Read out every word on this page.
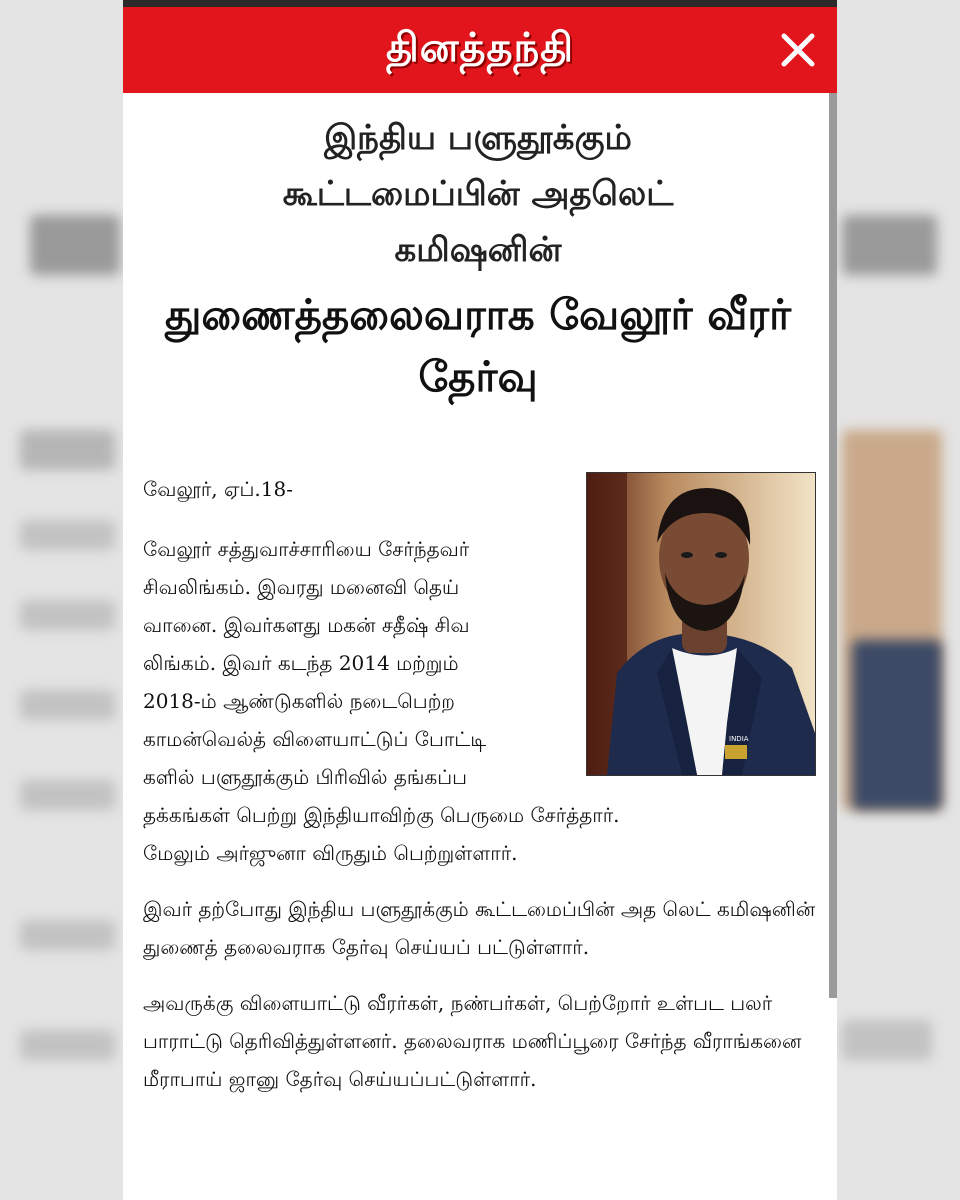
தினத்தந்தி

இந்திய பளுதூக்கும்

கூட்டமைப்பின் அதலெட்

கமிஷனின்

துணைத்தலைவராக வேலூர் வீரர் தேர்வு

INDIA

வேலூர், ஏப்.18-

வேலூர் சத்துவாச்சாரியை சேர்ந்தவர்
சிவலிங்கம். இவரது மனைவி தெய்
வானை. இவர்களது மகன் சதீஷ் சிவ
லிங்கம். இவர் கடந்த 2014 மற்றும்
2018-ம் ஆண்டுகளில் நடைபெற்ற
காமன்வெல்த் விளையாட்டுப் போட்டி
களில் பளுதூக்கும் பிரிவில் தங்கப்ப
தக்கங்கள் பெற்று இந்தியாவிற்கு பெருமை சேர்த்தார்.
மேலும் அர்ஜுனா விருதும் பெற்றுள்ளார்.

இவர் தற்போது இந்திய பளுதூக்கும் கூட்டமைப்பின் அத லெட் கமிஷனின் துணைத் தலைவராக தேர்வு செய்யப் பட்டுள்ளார்.

அவருக்கு விளையாட்டு வீரர்கள், நண்பர்கள், பெற்றோர் உள்பட பலர் பாராட்டு தெரிவித்துள்ளனர். தலைவராக மணிப்பூரை சேர்ந்த வீராங்கனை மீராபாய் ஜானு தேர்வு செய்யப்பட்டுள்ளார்.
